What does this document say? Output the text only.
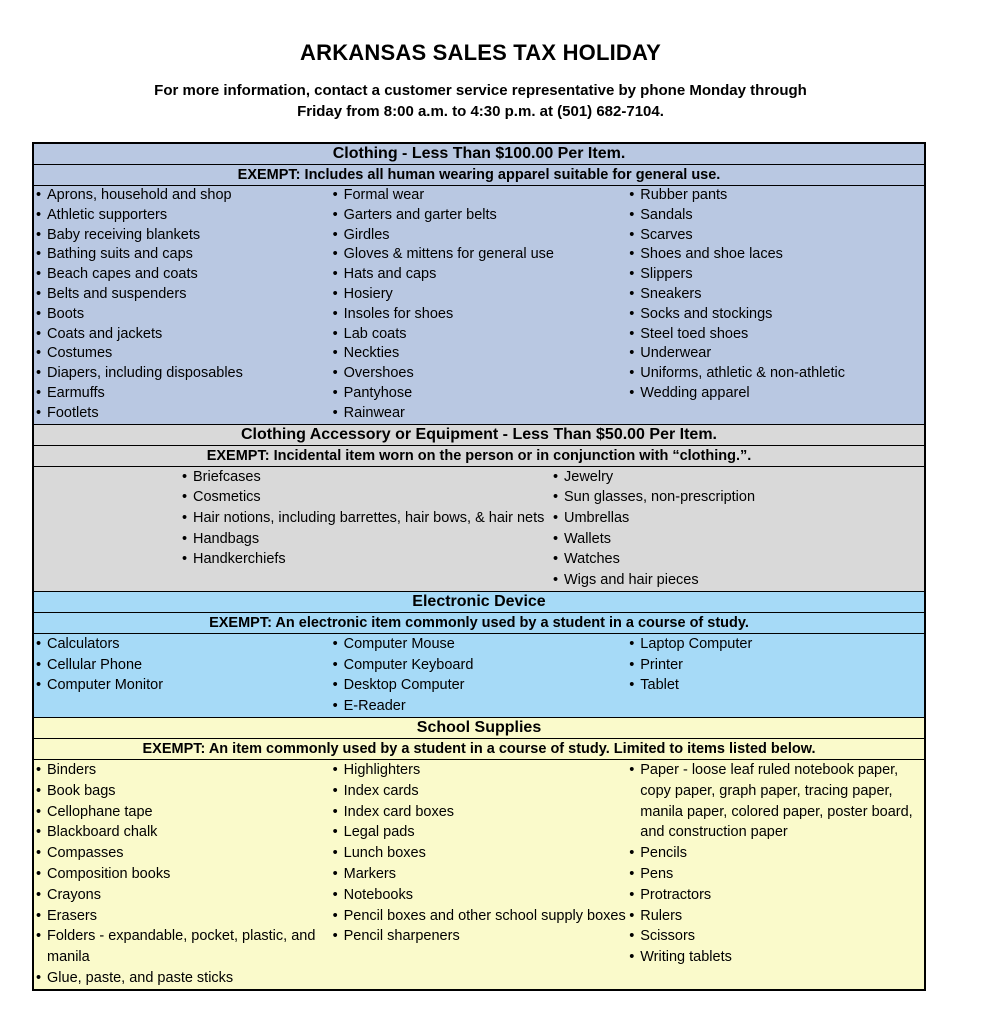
ARKANSAS SALES TAX HOLIDAY
For more information, contact a customer service representative by phone Monday through
Friday from 8:00 a.m. to 4:30 p.m. at (501) 682-7104.
Clothing - Less Than $100.00 Per Item.
EXEMPT: Includes all human wearing apparel suitable for general use.
• Aprons, household and shop
• Athletic supporters
• Baby receiving blankets
• Bathing suits and caps
• Beach capes and coats
• Belts and suspenders
• Boots
• Coats and jackets
• Costumes
• Diapers, including disposables
• Earmuffs
• Footlets
• Formal wear
• Garters and garter belts
• Girdles
• Gloves & mittens for general use
• Hats and caps
• Hosiery
• Insoles for shoes
• Lab coats
• Neckties
• Overshoes
• Pantyhose
• Rainwear
• Rubber pants
• Sandals
• Scarves
• Shoes and shoe laces
• Slippers
• Sneakers
• Socks and stockings
• Steel toed shoes
• Underwear
• Uniforms, athletic & non-athletic
• Wedding apparel
Clothing Accessory or Equipment - Less Than $50.00 Per Item.
EXEMPT: Incidental item worn on the person or in conjunction with “clothing.”.
• Briefcases
• Cosmetics
• Hair notions, including barrettes, hair bows, & hair nets
• Handbags
• Handkerchiefs
• Jewelry
• Sun glasses, non-prescription
• Umbrellas
• Wallets
• Watches
• Wigs and hair pieces
Electronic Device
EXEMPT: An electronic item commonly used by a student in a course of study.
• Calculators
• Cellular Phone
• Computer Monitor
• Computer Mouse
• Computer Keyboard
• Desktop Computer
• E-Reader
• Laptop Computer
• Printer
• Tablet
School Supplies
EXEMPT: An item commonly used by a student in a course of study. Limited to items listed below.
• Binders
• Book bags
• Cellophane tape
• Blackboard chalk
• Compasses
• Composition books
• Crayons
• Erasers
• Folders - expandable, pocket, plastic, and manila
• Glue, paste, and paste sticks
• Highlighters
• Index cards
• Index card boxes
• Legal pads
• Lunch boxes
• Markers
• Notebooks
• Pencil boxes and other school supply boxes
• Pencil sharpeners
• Paper - loose leaf ruled notebook paper, copy paper, graph paper, tracing paper, manila paper, colored paper, poster board, and construction paper
• Pencils
• Pens
• Protractors
• Rulers
• Scissors
• Writing tablets
